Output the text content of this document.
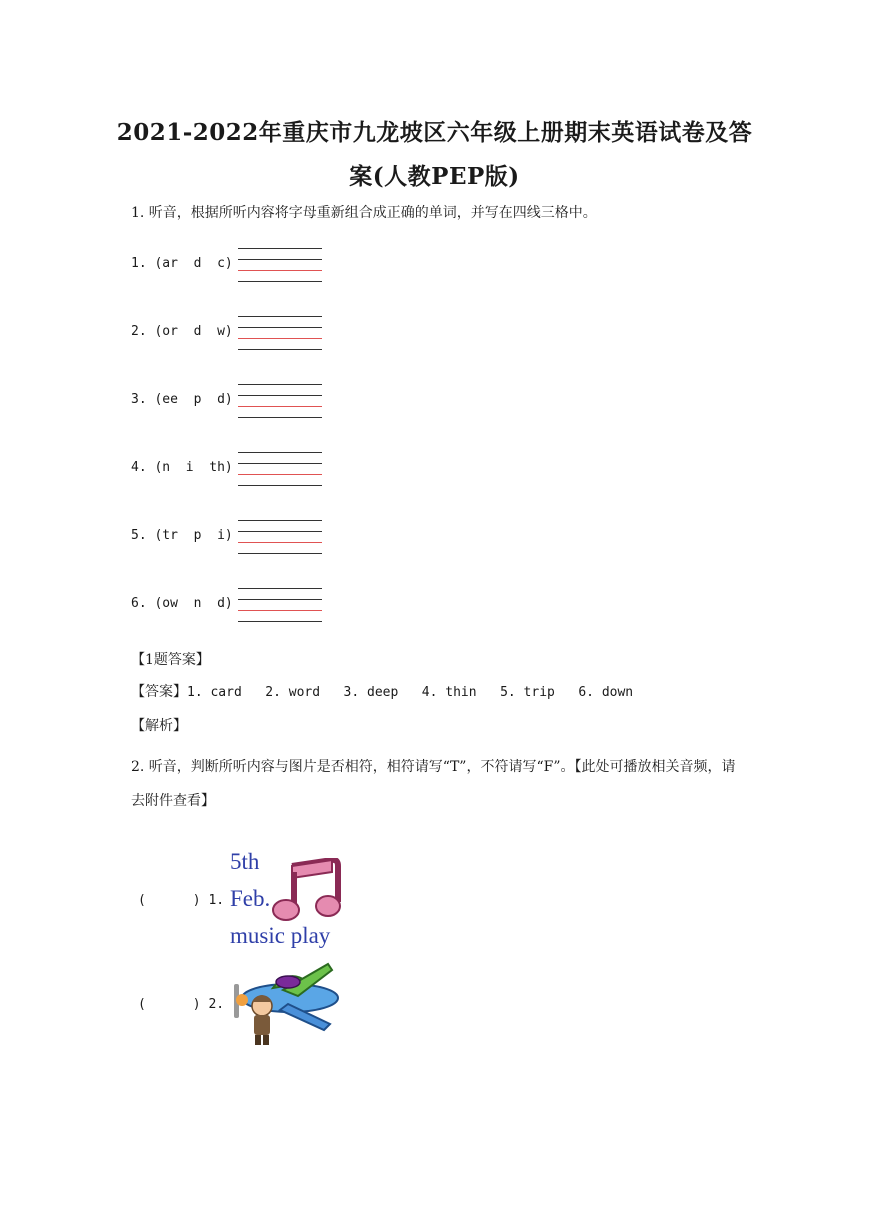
2021-2022年重庆市九龙坡区六年级上册期末英语试卷及答
案(人教PEP版)
1. 听音，根据所听内容将字母重新组合成正确的单词，并写在四线三格中。
1. (ar  d  c)
2. (or  d  w)
3. (ee  p  d)
4. (n  i  th)
5. (tr  p  i)
6. (ow  n  d)
【1题答案】
【答案】1. card   2. word   3. deep   4. thin   5. trip   6. down
【解析】
2. 听音，判断所听内容与图片是否相符，相符请写“T”，不符请写“F”。【此处可播放相关音频，请去附件查看】
(      ) 1.
5th
Feb.
music play
(      ) 2.
